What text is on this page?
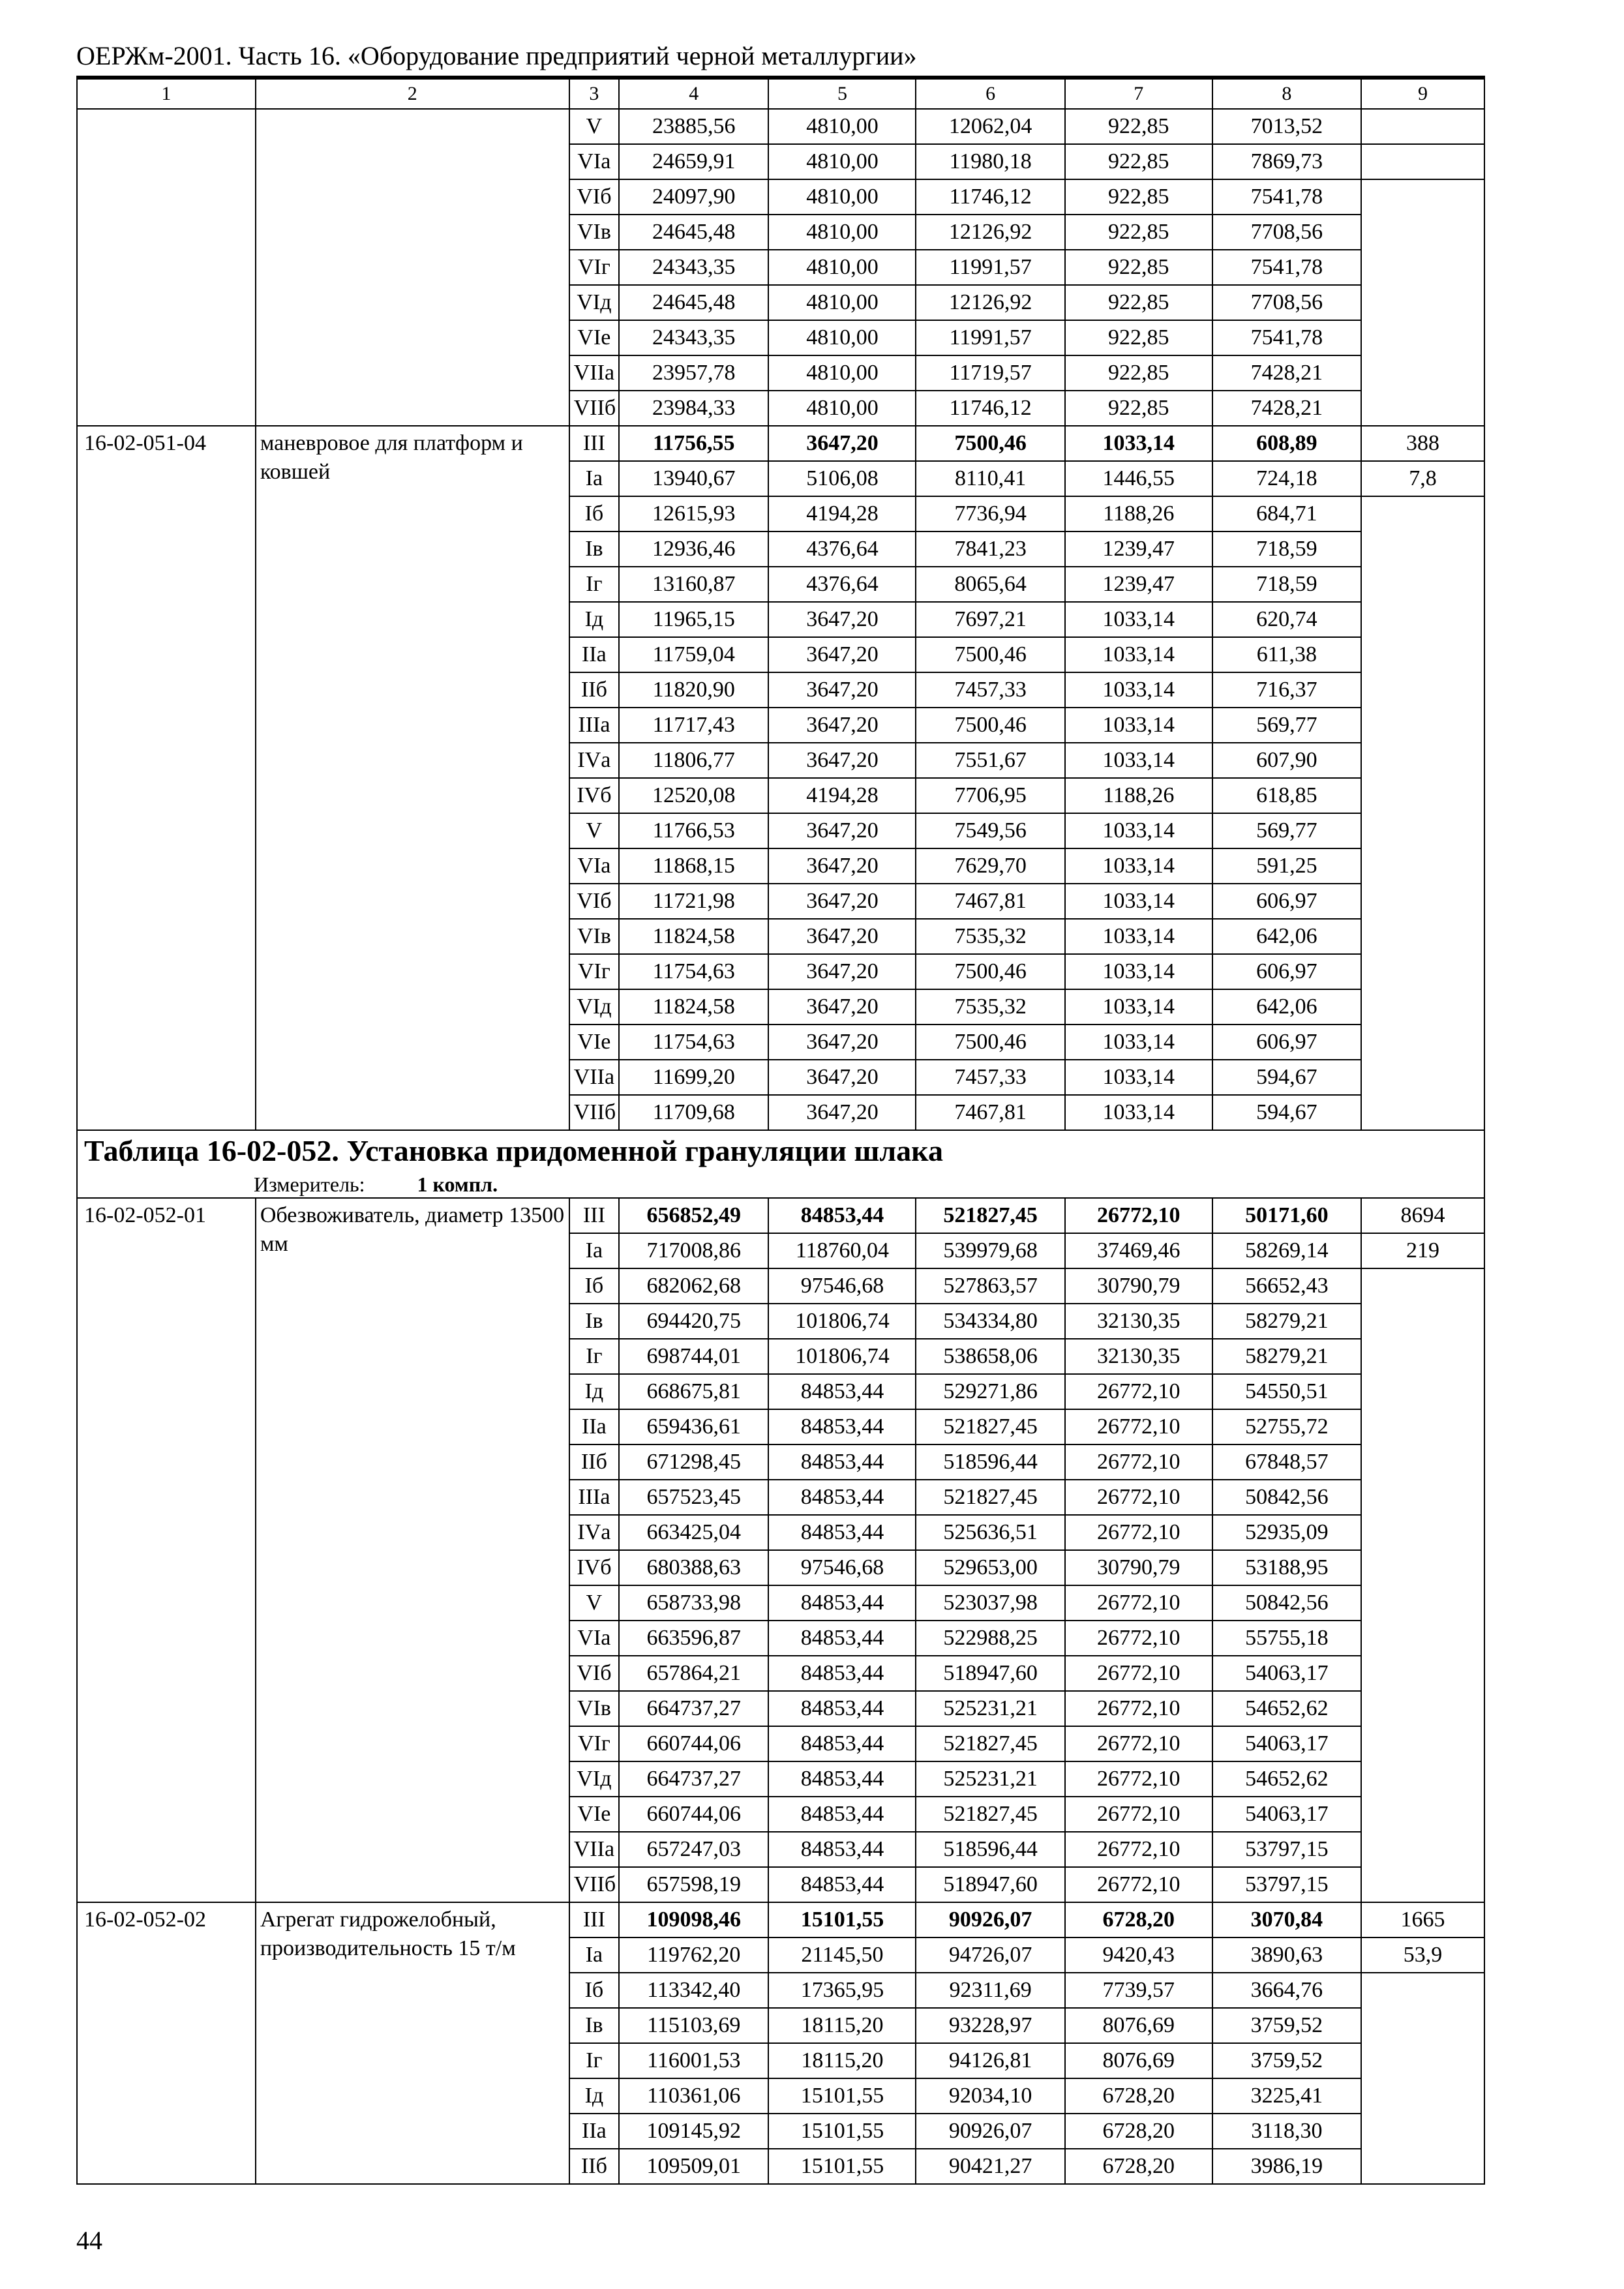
ОЕРЖм-2001. Часть 16. «Оборудование предприятий черной металлургии»
1	2	3	4	5	6	7	8	9
		V	23885,56	4810,00	12062,04	922,85	7013,52	
		VIа	24659,91	4810,00	11980,18	922,85	7869,73	
		VIб	24097,90	4810,00	11746,12	922,85	7541,78	
		VIв	24645,48	4810,00	12126,92	922,85	7708,56	
		VIг	24343,35	4810,00	11991,57	922,85	7541,78	
		VIд	24645,48	4810,00	12126,92	922,85	7708,56	
		VIе	24343,35	4810,00	11991,57	922,85	7541,78	
		VIIа	23957,78	4810,00	11719,57	922,85	7428,21	
		VIIб	23984,33	4810,00	11746,12	922,85	7428,21	
16-02-051-04	маневровое для платформ и ковшей	III	11756,55	3647,20	7500,46	1033,14	608,89	388
		Iа	13940,67	5106,08	8110,41	1446,55	724,18	7,8
		Iб	12615,93	4194,28	7736,94	1188,26	684,71	
		Iв	12936,46	4376,64	7841,23	1239,47	718,59	
		Iг	13160,87	4376,64	8065,64	1239,47	718,59	
		Iд	11965,15	3647,20	7697,21	1033,14	620,74	
		IIа	11759,04	3647,20	7500,46	1033,14	611,38	
		IIб	11820,90	3647,20	7457,33	1033,14	716,37	
		IIIа	11717,43	3647,20	7500,46	1033,14	569,77	
		IVа	11806,77	3647,20	7551,67	1033,14	607,90	
		IVб	12520,08	4194,28	7706,95	1188,26	618,85	
		V	11766,53	3647,20	7549,56	1033,14	569,77	
		VIа	11868,15	3647,20	7629,70	1033,14	591,25	
		VIб	11721,98	3647,20	7467,81	1033,14	606,97	
		VIв	11824,58	3647,20	7535,32	1033,14	642,06	
		VIг	11754,63	3647,20	7500,46	1033,14	606,97	
		VIд	11824,58	3647,20	7535,32	1033,14	642,06	
		VIе	11754,63	3647,20	7500,46	1033,14	606,97	
		VIIа	11699,20	3647,20	7457,33	1033,14	594,67	
		VIIб	11709,68	3647,20	7467,81	1033,14	594,67	
Таблица 16-02-052. Установка придоменной грануляции шлака								
Измеритель: 1 компл.								
16-02-052-01	Обезвоживатель, диаметр 13500 мм	III	656852,49	84853,44	521827,45	26772,10	50171,60	8694
		Iа	717008,86	118760,04	539979,68	37469,46	58269,14	219
		Iб	682062,68	97546,68	527863,57	30790,79	56652,43	
		Iв	694420,75	101806,74	534334,80	32130,35	58279,21	
		Iг	698744,01	101806,74	538658,06	32130,35	58279,21	
		Iд	668675,81	84853,44	529271,86	26772,10	54550,51	
		IIа	659436,61	84853,44	521827,45	26772,10	52755,72	
		IIб	671298,45	84853,44	518596,44	26772,10	67848,57	
		IIIа	657523,45	84853,44	521827,45	26772,10	50842,56	
		IVа	663425,04	84853,44	525636,51	26772,10	52935,09	
		IVб	680388,63	97546,68	529653,00	30790,79	53188,95	
		V	658733,98	84853,44	523037,98	26772,10	50842,56	
		VIа	663596,87	84853,44	522988,25	26772,10	55755,18	
		VIб	657864,21	84853,44	518947,60	26772,10	54063,17	
		VIв	664737,27	84853,44	525231,21	26772,10	54652,62	
		VIг	660744,06	84853,44	521827,45	26772,10	54063,17	
		VIд	664737,27	84853,44	525231,21	26772,10	54652,62	
		VIе	660744,06	84853,44	521827,45	26772,10	54063,17	
		VIIа	657247,03	84853,44	518596,44	26772,10	53797,15	
		VIIб	657598,19	84853,44	518947,60	26772,10	53797,15	
16-02-052-02	Агрегат гидрожелобный, производительность 15 т/м	III	109098,46	15101,55	90926,07	6728,20	3070,84	1665
		Iа	119762,20	21145,50	94726,07	9420,43	3890,63	53,9
		Iб	113342,40	17365,95	92311,69	7739,57	3664,76	
		Iв	115103,69	18115,20	93228,97	8076,69	3759,52	
		Iг	116001,53	18115,20	94126,81	8076,69	3759,52	
		Iд	110361,06	15101,55	92034,10	6728,20	3225,41	
		IIа	109145,92	15101,55	90926,07	6728,20	3118,30	
		IIб	109509,01	15101,55	90421,27	6728,20	3986,19	
44
